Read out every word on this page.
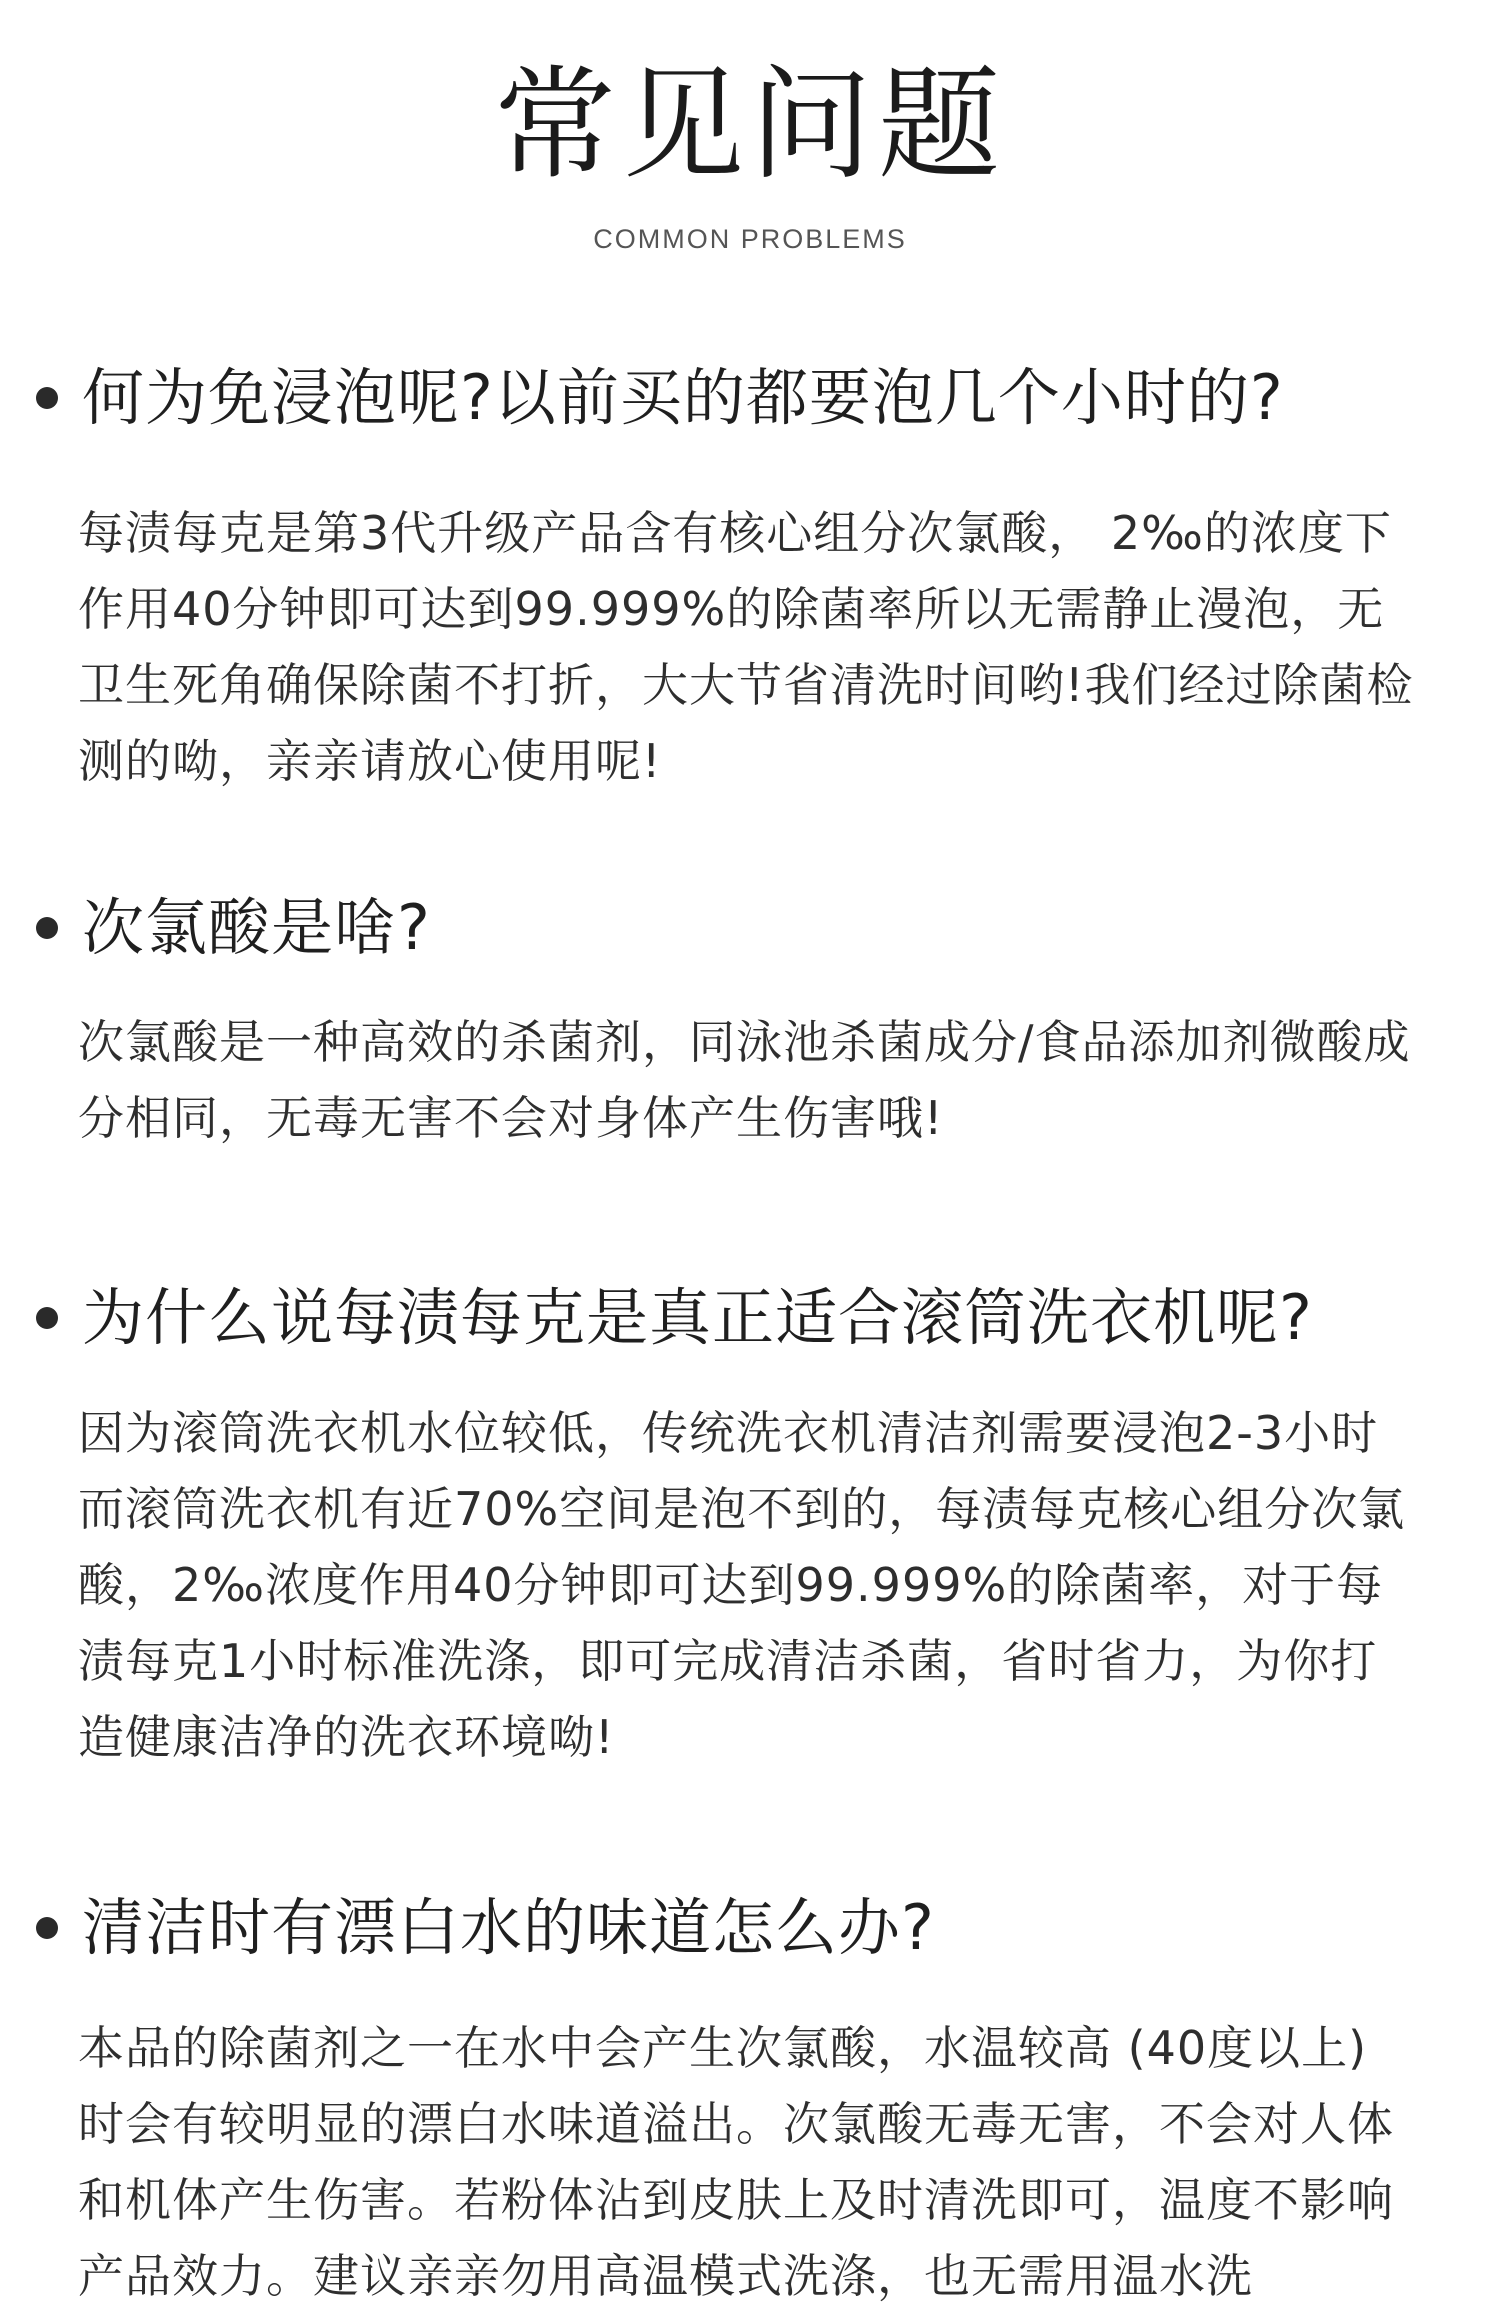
常见问题
COMMON PROBLEMS
何为免浸泡呢?以前买的都要泡几个小时的?

每渍每克是第3代升级产品含有核心组分次氯酸， 2‰的浓度下作用40分钟即可达到99.999%的除菌率所以无需静止漫泡，无卫生死角确保除菌不打折，大大节省清洗时间哟!我们经过除菌检测的呦，亲亲请放心使用呢!

次氯酸是啥?

次氯酸是一种高效的杀菌剂，同泳池杀菌成分/食品添加剂微酸成分相同，无毒无害不会对身体产生伤害哦!

为什么说每渍每克是真正适合滚筒洗衣机呢?

因为滚筒洗衣机水位较低，传统洗衣机清洁剂需要浸泡2-3小时而滚筒洗衣机有近70%空间是泡不到的，每渍每克核心组分次氯酸，2‰浓度作用40分钟即可达到99.999%的除菌率，对于每渍每克1小时标准洗涤，即可完成清洁杀菌，省时省力，为你打造健康洁净的洗衣环境呦!

清洁时有漂白水的味道怎么办?

本品的除菌剂之一在水中会产生次氯酸，水温较高 (40度以上) 时会有较明显的漂白水味道溢出。次氯酸无毒无害，不会对人体和机体产生伤害。若粉体沾到皮肤上及时清洗即可，温度不影响产品效力。建议亲亲勿用高温模式洗涤，也无需用温水洗
